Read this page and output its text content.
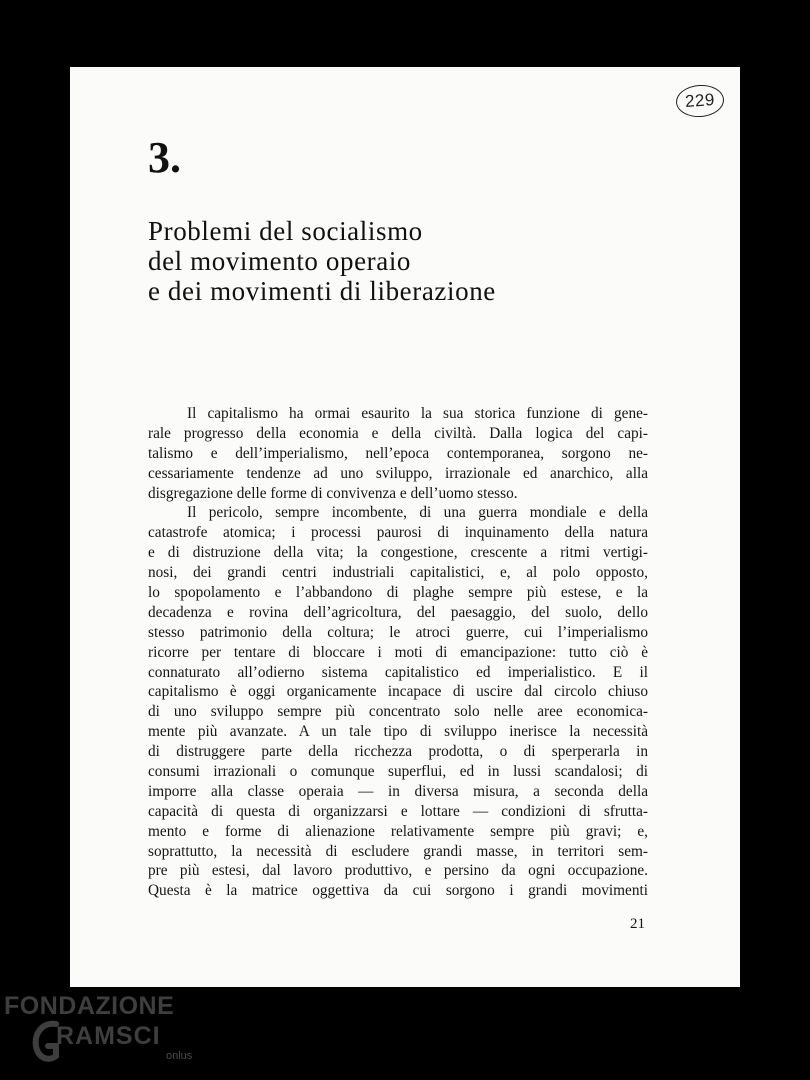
229
3.
Problemi del socialismo
del movimento operaio
e dei movimenti di liberazione

Il capitalismo ha ormai esaurito la sua storica funzione di gene-
rale progresso della economia e della civiltà. Dalla logica del capi-
talismo e dell’imperialismo, nell’epoca contemporanea, sorgono ne-
cessariamente tendenze ad uno sviluppo, irrazionale ed anarchico, alla
disgregazione delle forme di convivenza e dell’uomo stesso.

Il pericolo, sempre incombente, di una guerra mondiale e della
catastrofe atomica; i processi paurosi di inquinamento della natura
e di distruzione della vita; la congestione, crescente a ritmi vertigi-
nosi, dei grandi centri industriali capitalistici, e, al polo opposto,
lo spopolamento e l’abbandono di plaghe sempre più estese, e la
decadenza e rovina dell’agricoltura, del paesaggio, del suolo, dello
stesso patrimonio della coltura; le atroci guerre, cui l’imperialismo
ricorre per tentare di bloccare i moti di emancipazione: tutto ciò è
connaturato all’odierno sistema capitalistico ed imperialistico. E il
capitalismo è oggi organicamente incapace di uscire dal circolo chiuso
di uno sviluppo sempre più concentrato solo nelle aree economica-
mente più avanzate. A un tale tipo di sviluppo inerisce la necessità
di distruggere parte della ricchezza prodotta, o di sperperarla in
consumi irrazionali o comunque superflui, ed in lussi scandalosi; di
imporre alla classe operaia — in diversa misura, a seconda della
capacità di questa di organizzarsi e lottare — condizioni di sfrutta-
mento e forme di alienazione relativamente sempre più gravi; e,
soprattutto, la necessità di escludere grandi masse, in territori sem-
pre più estesi, dal lavoro produttivo, e persino da ogni occupazione.
Questa è la matrice oggettiva da cui sorgono i grandi movimenti

21
FONDAZIONE
RAMSCI
onlus
